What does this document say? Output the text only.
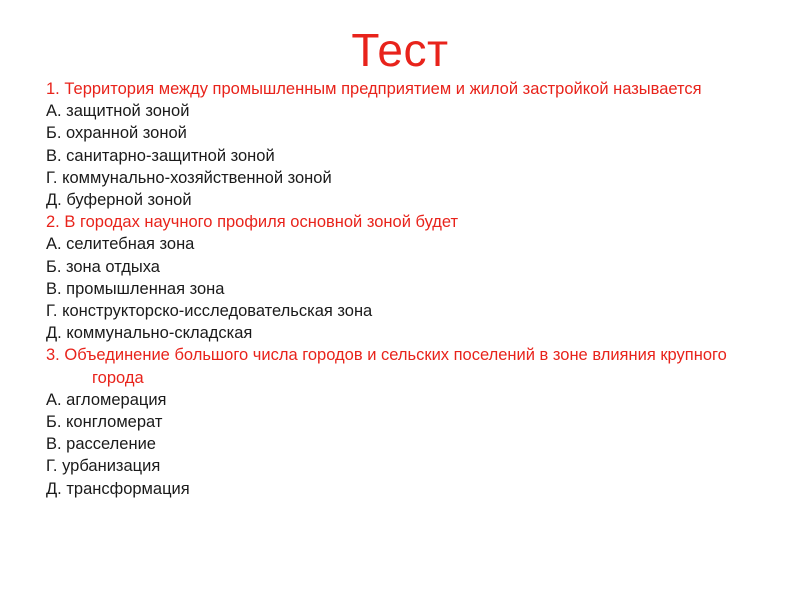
Тест

1. Территория между промышленным предприятием и жилой застройкой называется

А. защитной зоной

Б. охранной зоной

В. санитарно-защитной зоной

Г. коммунально-хозяйственной зоной

Д. буферной зоной

2. В городах научного профиля основной зоной будет

А. селитебная зона

Б. зона отдыха

В. промышленная зона

Г. конструкторско-исследовательская зона

Д. коммунально-складская

3. Объединение большого числа городов и сельских поселений в зоне влияния крупного города

А. агломерация

Б. конгломерат

В. расселение

Г. урбанизация

Д. трансформация
